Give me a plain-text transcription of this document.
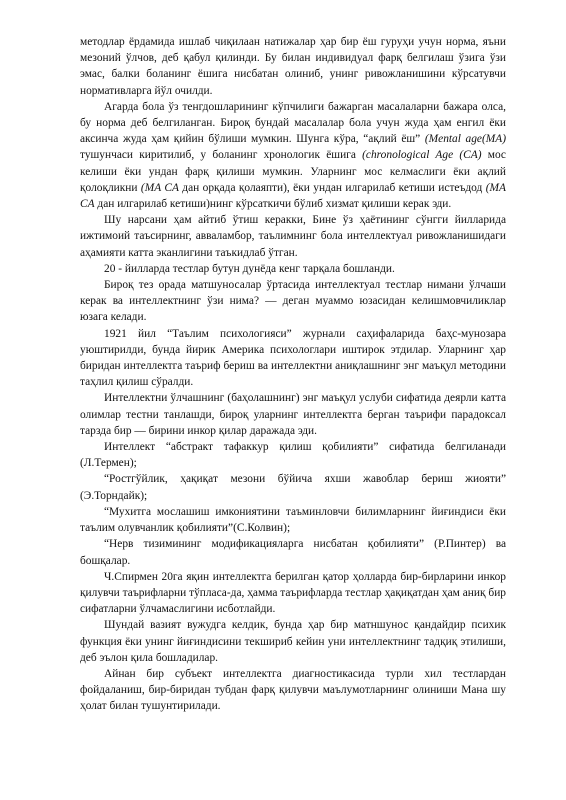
методлар ёрдамида ишлаб чиқилаан натижалар ҳар бир ёш гуруҳи учун норма, яъни мезоний ўлчов, деб қабул қилинди. Бу билан индивидуал фарқ белгилаш ўзига ўзи эмас, балки боланинг ёшига нисбатан олиниб, унинг ривожланишини кўрсатувчи нормативларга йўл очилди.

Агарда бола ўз тенгдошларининг кўпчилиги бажарган масалаларни бажара олса, бу норма деб белгиланган. Бироқ бундай масалалар бола учун жуда ҳам енгил ёки аксинча жуда ҳам қийин бўлиши мумкин. Шунга кўра, “ақлий ёш” (Mental age(MA) тушунчаси киритилиб, у боланинг хронологик ёшига (chronological Age (CA) мос келиши ёки ундан фарқ қилиши мумкин. Уларнинг мос келмаслиги ёки ақлий қолоқликни (MA CA дан орқада қолаяпти), ёки ундан илгарилаб кетиши истеъдод (MA CA дан илгарилаб кетиши)нинг кўрсаткичи бўлиб хизмат қилиши керак эди.

Шу нарсани ҳам айтиб ўтиш керакки, Бине ўз ҳаётининг сўнгги йилларида ижтимоий таъсирнинг, авваламбор, таълимнинг бола интеллектуал ривожланишидаги аҳамияти катта эканлигини таъкидлаб ўтган.

20 - йилларда тестлар бутун дунёда кенг тарқала бошланди.

Бироқ тез орада матшуносалар ўртасида интеллектуал тестлар нимани ўлчаши керак ва интеллектнинг ўзи нима? — деган муаммо юзасидан келишмовчиликлар юзага келади.

1921 йил “Таълим психологияси” журнали саҳифаларида баҳс-мунозара уюштирилди, бунда йирик Америка психологлари иштирок этдилар. Уларнинг ҳар биридан интеллектга таъриф бериш ва интеллектни аниқлашнинг энг маъқул методини таҳлил қилиш сўралди.

Интеллектни ўлчашнинг (баҳолашнинг) энг маъқул услуби сифатида деярли катта олимлар тестни танлашди, бироқ уларнинг интеллектга берган таърифи парадоксал тарзда бир — бирини инкор қилар даражада эди.

Интеллект “абстракт тафаккур қилиш қобилияти” сифатида белгиланади (Л.Термен);

“Ростгўйлик, ҳақиқат мезони бўйича яхши жавоблар бериш жиояти” (Э.Торндайк);

“Мухитга мослашиш имкониятини таъминловчи билимларнинг йиғиндиси ёки таълим олувчанлик қобилияти”(С.Колвин);

“Нерв тизимининг модификацияларга нисбатан қобилияти” (Р.Пинтер) ва бошқалар.

Ч.Спирмен 20га яқин интеллектга берилган қатор ҳолларда бир-бирларини инкор қилувчи таърифларни тўпласа-да, ҳамма таърифларда тестлар ҳақиқатдан ҳам аниқ бир сифатларни ўлчамаслигини исботлайди.

Шундай вазият вужудга келдик, бунда ҳар бир матншунос қандайдир психик функция ёки унинг йиғиндисини текшириб кейин уни интеллектнинг тадқиқ этилиши, деб эълон қила бошладилар.

Айнан бир субъект интеллектга диагностикасида турли хил тестлардан фойдаланиш, бир-биридан тубдан фарқ қилувчи маълумотларнинг олиниши Мана шу ҳолат билан тушунтирилади.
